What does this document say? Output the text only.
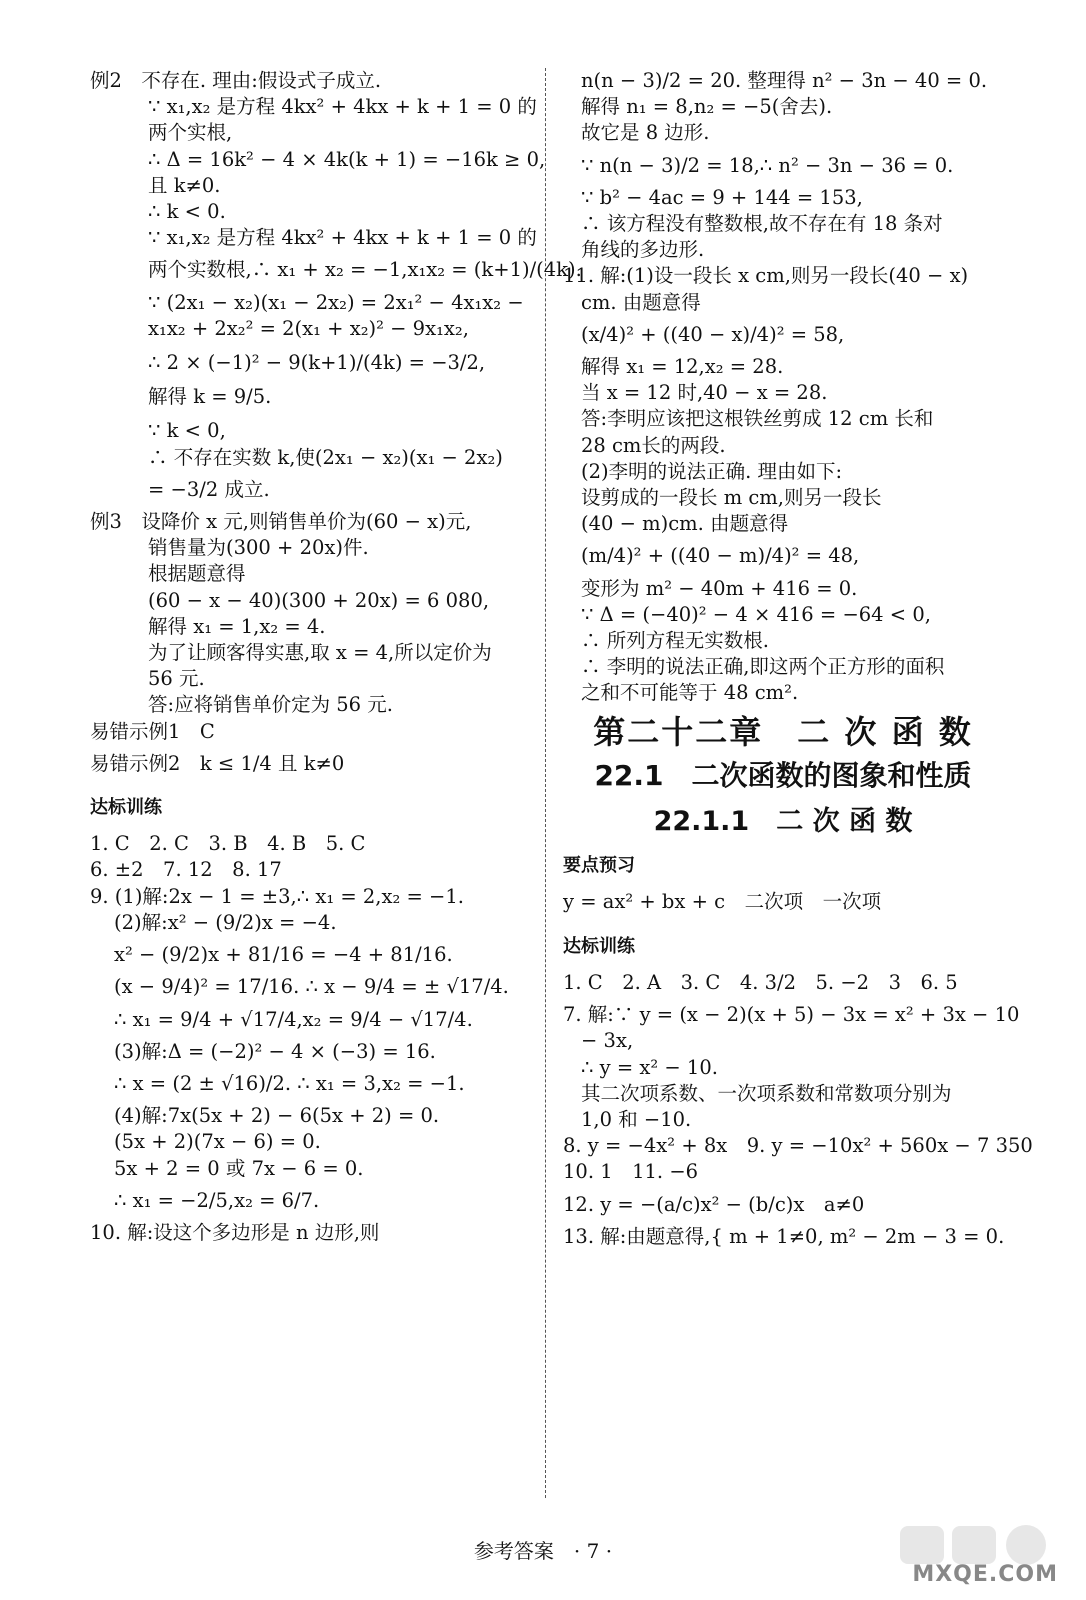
例2　不存在. 理由:假设式子成立.
∵ x₁,x₂ 是方程 4kx² + 4kx + k + 1 = 0 的
两个实根,
∴ Δ = 16k² − 4 × 4k(k + 1) = −16k ≥ 0,
且 k≠0.
∴ k < 0.
∵ x₁,x₂ 是方程 4kx² + 4kx + k + 1 = 0 的
两个实数根,∴ x₁ + x₂ = −1,x₁x₂ = (k+1)/(4k).
∵ (2x₁ − x₂)(x₁ − 2x₂) = 2x₁² − 4x₁x₂ −
x₁x₂ + 2x₂² = 2(x₁ + x₂)² − 9x₁x₂,
∴ 2 × (−1)² − 9(k+1)/(4k) = −3/2,
解得 k = 9/5.
∵ k < 0,
∴ 不存在实数 k,使(2x₁ − x₂)(x₁ − 2x₂)
= −3/2 成立.
例3　设降价 x 元,则销售单价为(60 − x)元,
销售量为(300 + 20x)件.
根据题意得
(60 − x − 40)(300 + 20x) = 6 080,
解得 x₁ = 1,x₂ = 4.
为了让顾客得实惠,取 x = 4,所以定价为
56 元.
答:应将销售单价定为 56 元.
易错示例1　C
易错示例2　k ≤ 1/4 且 k≠0
达标训练
1. C　2. C　3. B　4. B　5. C
6. ±2　7. 12　8. 17
9. (1)解:2x − 1 = ±3,∴ x₁ = 2,x₂ = −1.
(2)解:x² − (9/2)x = −4.
x² − (9/2)x + 81/16 = −4 + 81/16.
(x − 9/4)² = 17/16. ∴ x − 9/4 = ± √17/4.
∴ x₁ = 9/4 + √17/4,x₂ = 9/4 − √17/4.
(3)解:Δ = (−2)² − 4 × (−3) = 16.
∴ x = (2 ± √16)/2. ∴ x₁ = 3,x₂ = −1.
(4)解:7x(5x + 2) − 6(5x + 2) = 0.
(5x + 2)(7x − 6) = 0.
5x + 2 = 0 或 7x − 6 = 0.
∴ x₁ = −2/5,x₂ = 6/7.
10. 解:设这个多边形是 n 边形,则
n(n − 3)/2 = 20. 整理得 n² − 3n − 40 = 0.
解得 n₁ = 8,n₂ = −5(舍去).
故它是 8 边形.
∵ n(n − 3)/2 = 18,∴ n² − 3n − 36 = 0.
∵ b² − 4ac = 9 + 144 = 153,
∴ 该方程没有整数根,故不存在有 18 条对
角线的多边形.
11. 解:(1)设一段长 x cm,则另一段长(40 − x)
cm. 由题意得
(x/4)² + ((40 − x)/4)² = 58,
解得 x₁ = 12,x₂ = 28.
当 x = 12 时,40 − x = 28.
答:李明应该把这根铁丝剪成 12 cm 长和
28 cm长的两段.
(2)李明的说法正确. 理由如下:
设剪成的一段长 m cm,则另一段长
(40 − m)cm. 由题意得
(m/4)² + ((40 − m)/4)² = 48,
变形为 m² − 40m + 416 = 0.
∵ Δ = (−40)² − 4 × 416 = −64 < 0,
∴ 所列方程无实数根.
∴ 李明的说法正确,即这两个正方形的面积
之和不可能等于 48 cm².
第二十二章　二 次 函 数
22.1　二次函数的图象和性质
22.1.1　二 次 函 数
要点预习
y = ax² + bx + c　二次项　一次项
达标训练
1. C　2. A　3. C　4. 3/2　5. −2　3　6. 5
7. 解:∵ y = (x − 2)(x + 5) − 3x = x² + 3x − 10
− 3x,
∴ y = x² − 10.
其二次项系数、一次项系数和常数项分别为
1,0 和 −10.
8. y = −4x² + 8x　9. y = −10x² + 560x − 7 350
10. 1　11. −6
12. y = −(a/c)x² − (b/c)x　a≠0
13. 解:由题意得,{ m + 1≠0, m² − 2m − 3 = 0.
参考答案　· 7 ·
MXQE.COM
